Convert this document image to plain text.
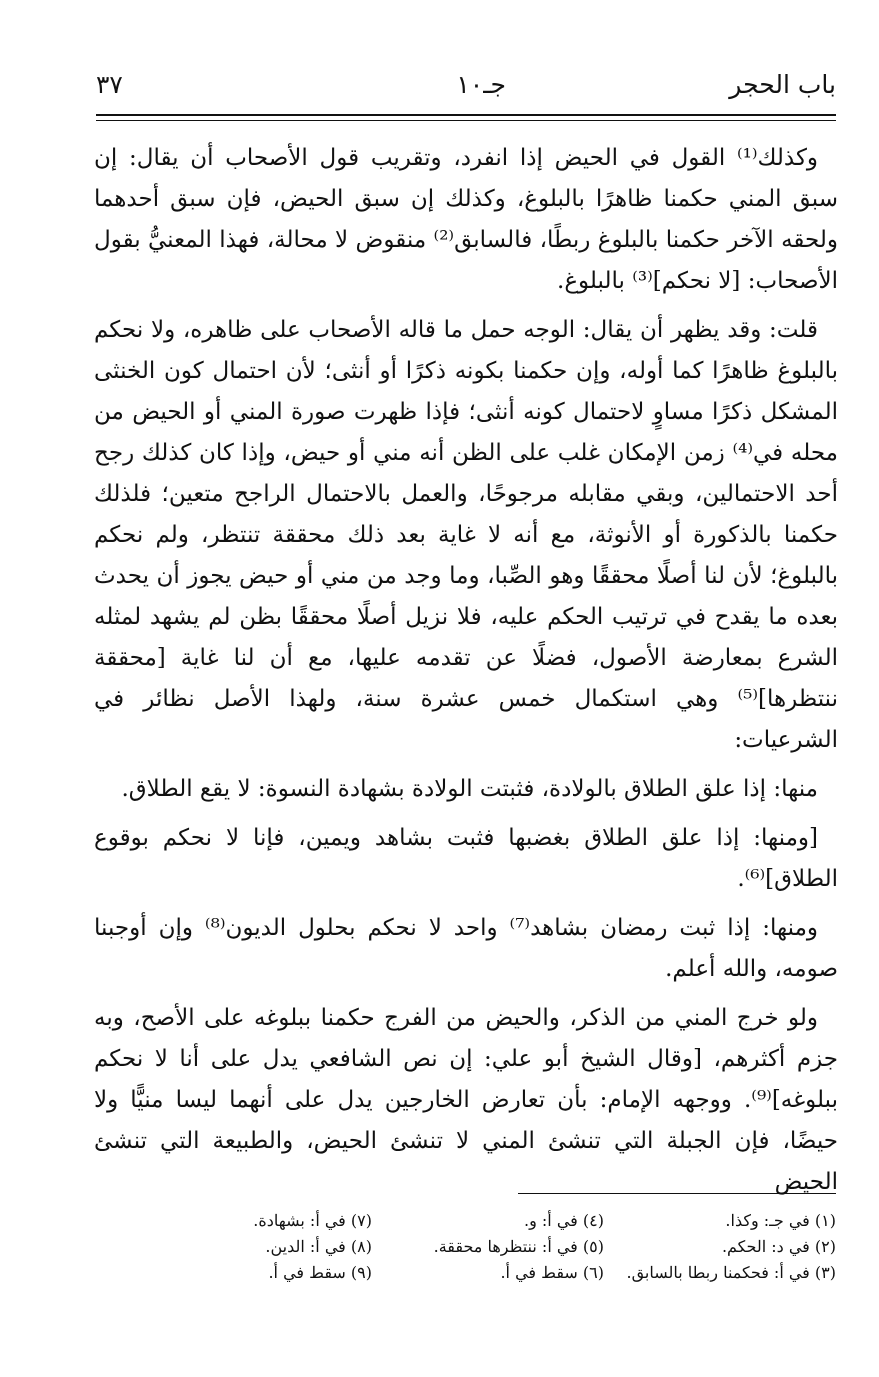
باب الحجر
جـ١٠
٣٧

وكذلك⁽¹⁾ القول في الحيض إذا انفرد، وتقريب قول الأصحاب أن يقال: إن سبق المني حكمنا ظاهرًا بالبلوغ، وكذلك إن سبق الحيض، فإن سبق أحدهما ولحقه الآخر حكمنا بالبلوغ ربطًا، فالسابق⁽²⁾ منقوض لا محالة، فهذا المعنيُّ بقول الأصحاب: [لا نحكم]⁽³⁾ بالبلوغ.

قلت: وقد يظهر أن يقال: الوجه حمل ما قاله الأصحاب على ظاهره، ولا نحكم بالبلوغ ظاهرًا كما أوله، وإن حكمنا بكونه ذكرًا أو أنثى؛ لأن احتمال كون الخنثى المشكل ذكرًا مساوٍ لاحتمال كونه أنثى؛ فإذا ظهرت صورة المني أو الحيض من محله في⁽⁴⁾ زمن الإمكان غلب على الظن أنه مني أو حيض، وإذا كان كذلك رجح أحد الاحتمالين، وبقي مقابله مرجوحًا، والعمل بالاحتمال الراجح متعين؛ فلذلك حكمنا بالذكورة أو الأنوثة، مع أنه لا غاية بعد ذلك محققة تنتظر، ولم نحكم بالبلوغ؛ لأن لنا أصلًا محققًا وهو الصِّبا، وما وجد من مني أو حيض يجوز أن يحدث بعده ما يقدح في ترتيب الحكم عليه، فلا نزيل أصلًا محققًا بظن لم يشهد لمثله الشرع بمعارضة الأصول، فضلًا عن تقدمه عليها، مع أن لنا غاية [محققة ننتظرها]⁽⁵⁾ وهي استكمال خمس عشرة سنة، ولهذا الأصل نظائر في الشرعيات:

منها: إذا علق الطلاق بالولادة، فثبتت الولادة بشهادة النسوة: لا يقع الطلاق.

[ومنها: إذا علق الطلاق بغضبها فثبت بشاهد ويمين، فإنا لا نحكم بوقوع الطلاق]⁽⁶⁾.

ومنها: إذا ثبت رمضان بشاهد⁽⁷⁾ واحد لا نحكم بحلول الديون⁽⁸⁾ وإن أوجبنا صومه، والله أعلم.

ولو خرج المني من الذكر، والحيض من الفرج حكمنا ببلوغه على الأصح، وبه جزم أكثرهم، [وقال الشيخ أبو علي: إن نص الشافعي يدل على أنا لا نحكم ببلوغه]⁽⁹⁾. ووجهه الإمام: بأن تعارض الخارجين يدل على أنهما ليسا منيًّا ولا حيضًا، فإن الجبلة التي تنشئ المني لا تنشئ الحيض، والطبيعة التي تنشئ الحيض

(١) في جـ: وكذا.
(٤) في أ: و.
(٧) في أ: بشهادة.
(٢) في د: الحكم.
(٥) في أ: ننتظرها محققة.
(٨) في أ: الدين.
(٣) في أ: فحكمنا ربطا بالسابق.
(٦) سقط في أ.
(٩) سقط في أ.
